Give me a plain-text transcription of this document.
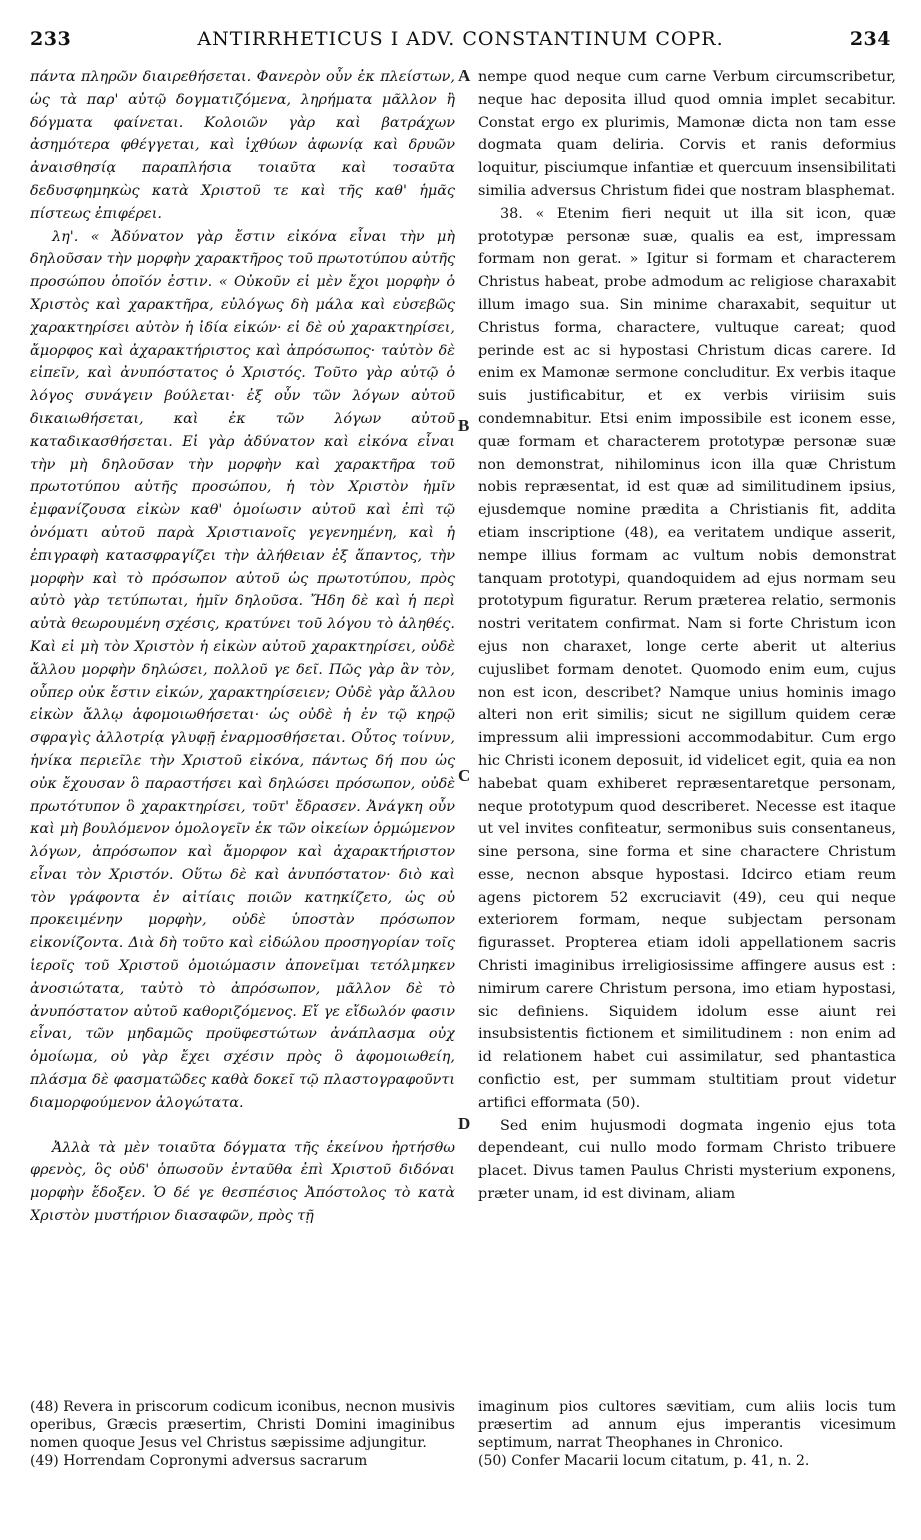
233	ANTIRRHETICUS I ADV. CONSTANTINUM COPR.	234

πάντα πληρῶν διαιρεθήσεται. Φανερὸν οὖν ἐκ πλείστων, ὡς τὰ παρ' αὐτῷ δογματιζόμενα, ληρήματα μᾶλλον ἢ δόγματα φαίνεται. Κολοιῶν γὰρ καὶ βατράχων ἀσημότερα φθέγγεται, καὶ ἰχθύων ἀφωνίᾳ καὶ δρυῶν ἀναισθησίᾳ παραπλήσια τοιαῦτα καὶ τοσαῦτα δεδυσφημηκὼς κατὰ Χριστοῦ τε καὶ τῆς καθ' ἡμᾶς πίστεως ἐπιφέρει.

λη'. « Ἀδύνατον γὰρ ἔστιν εἰκόνα εἶναι τὴν μὴ δηλοῦσαν τὴν μορφὴν χαρακτῆρος τοῦ πρωτοτύπου αὐτῆς προσώπου ὁποῖόν ἐστιν. « Οὐκοῦν εἰ μὲν ἔχοι μορφὴν ὁ Χριστὸς καὶ χαρακτῆρα, εὐλόγως δὴ μάλα καὶ εὐσεβῶς χαρακτηρίσει αὐτὸν ἡ ἰδία εἰκών· εἰ δὲ οὐ χαρακτηρίσει, ἄμορφος καὶ ἀχαρακτήριστος καὶ ἀπρόσωπος· ταὐτὸν δὲ εἰπεῖν, καὶ ἀνυπόστατος ὁ Χριστός. Τοῦτο γὰρ αὐτῷ ὁ λόγος συνάγειν βούλεται· ἐξ οὖν τῶν λόγων αὐτοῦ δικαιωθήσεται, καὶ ἐκ τῶν λόγων αὐτοῦ καταδικασθήσεται. Εἰ γὰρ ἀδύνατον καὶ εἰκόνα εἶναι τὴν μὴ δηλοῦσαν τὴν μορφὴν καὶ χαρακτῆρα τοῦ πρωτοτύπου αὐτῆς προσώπου, ἡ τὸν Χριστὸν ἡμῖν ἐμφανίζουσα εἰκὼν καθ' ὁμοίωσιν αὐτοῦ καὶ ἐπὶ τῷ ὀνόματι αὐτοῦ παρὰ Χριστιανοῖς γεγενημένη, καὶ ἡ ἐπιγραφὴ κατασφραγίζει τὴν ἀλήθειαν ἐξ ἅπαντος, τὴν μορφὴν καὶ τὸ πρόσωπον αὐτοῦ ὡς πρωτοτύπου, πρὸς αὐτὸ γὰρ τετύπωται, ἡμῖν δηλοῦσα. Ἤδη δὲ καὶ ἡ περὶ αὐτὰ θεωρουμένη σχέσις, κρατύνει τοῦ λόγου τὸ ἀληθές. Καὶ εἰ μὴ τὸν Χριστὸν ἡ εἰκὼν αὐτοῦ χαρακτηρίσει, οὐδὲ ἄλλου μορφὴν δηλώσει, πολλοῦ γε δεῖ. Πῶς γὰρ ἂν τὸν, οὗπερ οὐκ ἔστιν εἰκών, χαρακτηρίσειεν; Οὐδὲ γὰρ ἄλλου εἰκὼν ἄλλῳ ἀφομοιωθήσεται· ὡς οὐδὲ ἡ ἐν τῷ κηρῷ σφραγὶς ἀλλοτρίᾳ γλυφῇ ἐναρμοσθήσεται. Οὗτος τοίνυν, ἡνίκα περιεῖλε τὴν Χριστοῦ εἰκόνα, πάντως δή που ὡς οὐκ ἔχουσαν ὃ παραστήσει καὶ δηλώσει πρόσωπον, οὐδὲ πρωτότυπον ὃ χαρακτηρίσει, τοῦτ' ἔδρασεν. Ἀνάγκη οὖν καὶ μὴ βουλόμενον ὁμολογεῖν ἐκ τῶν οἰκείων ὁρμώμενον λόγων, ἀπρόσωπον καὶ ἄμορφον καὶ ἀχαρακτήριστον εἶναι τὸν Χριστόν. Οὕτω δὲ καὶ ἀνυπόστατον· διὸ καὶ τὸν γράφοντα ἐν αἰτίαις ποιῶν κατηκίζετο, ὡς οὐ προκειμένην μορφὴν, οὐδὲ ὑποστὰν πρόσωπον εἰκονίζοντα. Διὰ δὴ τοῦτο καὶ εἰδώλου προσηγορίαν τοῖς ἱεροῖς τοῦ Χριστοῦ ὁμοιώμασιν ἀπονεῖμαι τετόλμηκεν ἀνοσιώτατα, ταὐτὸ τὸ ἀπρόσωπον, μᾶλλον δὲ τὸ ἀνυπόστατον αὐτοῦ καθοριζόμενος. Εἴ γε εἴδωλόν φασιν εἶναι, τῶν μηδαμῶς προϋφεστώτων ἀνάπλασμα οὐχ ὁμοίωμα, οὐ γὰρ ἔχει σχέσιν πρὸς ὃ ἀφομοιωθείη, πλάσμα δὲ φασματῶδες καθὰ δοκεῖ τῷ πλαστογραφοῦντι διαμορφούμενον ἀλογώτατα.

Ἀλλὰ τὰ μὲν τοιαῦτα δόγματα τῆς ἐκείνου ἠρτήσθω φρενὸς, ὃς οὐδ' ὁπωσοῦν ἐνταῦθα ἐπὶ Χριστοῦ διδόναι μορφὴν ἔδοξεν. Ὁ δέ γε θεσπέσιος Ἀπόστολος τὸ κατὰ Χριστὸν μυστήριον διασαφῶν, πρὸς τῇ

A
B
C
D

nempe quod neque cum carne Verbum circumscribetur, neque hac deposita illud quod omnia implet secabitur. Constat ergo ex plurimis, Mamonæ dicta non tam esse dogmata quam deliria. Corvis et ranis deformius loquitur, pisciumque infantiæ et quercuum insensibilitati similia adversus Christum fidei que nostram blasphemat.

38. « Etenim fieri nequit ut illa sit icon, quæ prototypæ personæ suæ, qualis ea est, impressam formam non gerat. » Igitur si formam et characterem Christus habeat, probe admodum ac religiose charaxabit illum imago sua. Sin minime charaxabit, sequitur ut Christus forma, charactere, vultuque careat; quod perinde est ac si hypostasi Christum dicas carere. Id enim ex Mamonæ sermone concluditur. Ex verbis itaque suis justificabitur, et ex verbis viriisim suis condemnabitur. Etsi enim impossibile est iconem esse, quæ formam et characterem prototypæ personæ suæ non demonstrat, nihilominus icon illa quæ Christum nobis repræsentat, id est quæ ad similitudinem ipsius, ejusdemque nomine prædita a Christianis fit, addita etiam inscriptione (48), ea veritatem undique asserit, nempe illius formam ac vultum nobis demonstrat tanquam prototypi, quandoquidem ad ejus normam seu prototypum figuratur. Rerum præterea relatio, sermonis nostri veritatem confirmat. Nam si forte Christum icon ejus non charaxet, longe certe aberit ut alterius cujuslibet formam denotet. Quomodo enim eum, cujus non est icon, describet? Namque unius hominis imago alteri non erit similis; sicut ne sigillum quidem ceræ impressum alii impressioni accommodabitur. Cum ergo hic Christi iconem deposuit, id videlicet egit, quia ea non habebat quam exhiberet repræsentaretque personam, neque prototypum quod describeret. Necesse est itaque ut vel invites confiteatur, sermonibus suis consentaneus, sine persona, sine forma et sine charactere Christum esse, necnon absque hypostasi. Idcirco etiam reum agens pictorem 52 excruciavit (49), ceu qui neque exteriorem formam, neque subjectam personam figurasset. Propterea etiam idoli appellationem sacris Christi imaginibus irreligiosissime affingere ausus est : nimirum carere Christum persona, imo etiam hypostasi, sic definiens. Siquidem idolum esse aiunt rei insubsistentis fictionem et similitudinem : non enim ad id relationem habet cui assimilatur, sed phantastica confictio est, per summam stultitiam prout videtur artifici efformata (50).

Sed enim hujusmodi dogmata ingenio ejus tota dependeant, cui nullo modo formam Christo tribuere placet. Divus tamen Paulus Christi mysterium exponens, præter unam, id est divinam, aliam

(48) Revera in priscorum codicum iconibus, necnon musivis operibus, Græcis præsertim, Christi Domini imaginibus nomen quoque Jesus vel Christus sæpissime adjungitur.

(49) Horrendam Copronymi adversus sacrarum

imaginum pios cultores sævitiam, cum aliis locis tum præsertim ad annum ejus imperantis vicesimum septimum, narrat Theophanes in Chronico.

(50) Confer Macarii locum citatum, p. 41, n. 2.
